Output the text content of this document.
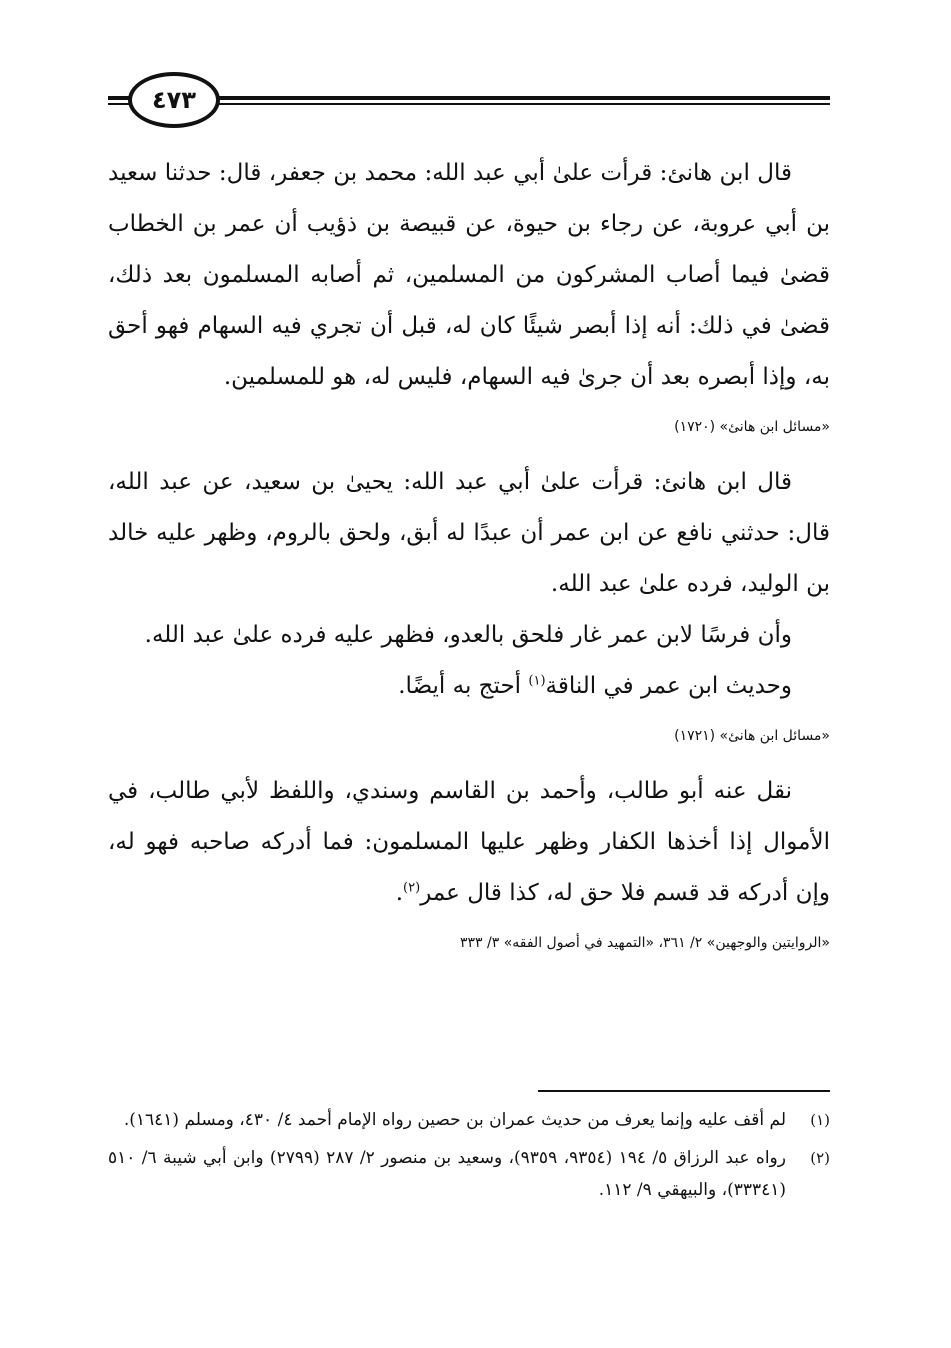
٤٧٣

قال ابن هانئ: قرأت علىٰ أبي عبد الله: محمد بن جعفر، قال: حدثنا سعيد بن أبي عروبة، عن رجاء بن حيوة، عن قبيصة بن ذؤيب أن عمر بن الخطاب قضىٰ فيما أصاب المشركون من المسلمين، ثم أصابه المسلمون بعد ذلك، قضىٰ في ذلك: أنه إذا أبصر شيئًا كان له، قبل أن تجري فيه السهام فهو أحق به، وإذا أبصره بعد أن جرىٰ فيه السهام، فليس له، هو للمسلمين.

«مسائل ابن هانئ» (١٧٢٠)

قال ابن هانئ: قرأت علىٰ أبي عبد الله: يحيىٰ بن سعيد، عن عبد الله، قال: حدثني نافع عن ابن عمر أن عبدًا له أبق، ولحق بالروم، وظهر عليه خالد بن الوليد، فرده علىٰ عبد الله.

وأن فرسًا لابن عمر غار فلحق بالعدو، فظهر عليه فرده علىٰ عبد الله.

وحديث ابن عمر في الناقة$^{(١)}$ أحتج به أيضًا.

«مسائل ابن هانئ» (١٧٢١)

نقل عنه أبو طالب، وأحمد بن القاسم وسندي، واللفظ لأبي طالب، في الأموال إذا أخذها الكفار وظهر عليها المسلمون: فما أدركه صاحبه فهو له، وإن أدركه قد قسم فلا حق له، كذا قال عمر$^{(٢)}$.

«الروايتين والوجهين» ٢/ ٣٦١، «التمهيد في أصول الفقه» ٣/ ٣٣٣

(١)
لم أقف عليه وإنما يعرف من حديث عمران بن حصين رواه الإمام أحمد ٤/ ٤٣٠، ومسلم (١٦٤١).
(٢)
رواه عبد الرزاق ٥/ ١٩٤ (٩٣٥٤، ٩٣٥٩)، وسعيد بن منصور ٢/ ٢٨٧ (٢٧٩٩) وابن أبي شيبة ٦/ ٥١٠ (٣٣٣٤١)، والبيهقي ٩/ ١١٢.
